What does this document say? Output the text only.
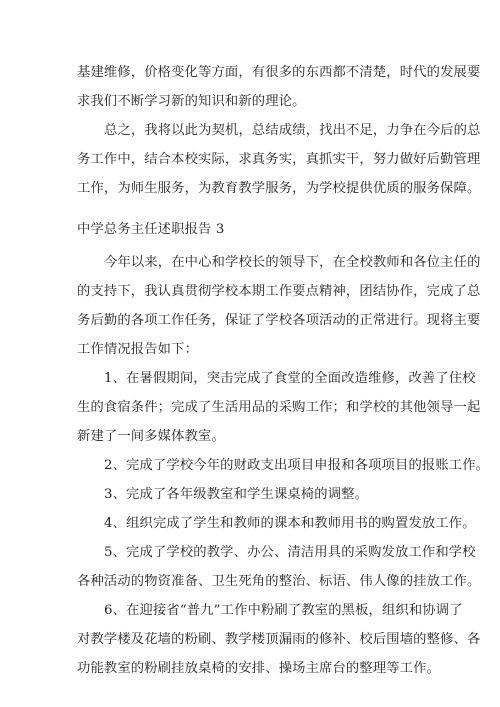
基建维修，价格变化等方面，有很多的东西都不清楚，时代的发展要
求我们不断学习新的知识和新的理论。
总之，我将以此为契机，总结成绩，找出不足，力争在今后的总
务工作中，结合本校实际，求真务实，真抓实干，努力做好后勤管理
工作，为师生服务，为教育教学服务，为学校提供优质的服务保障。
中学总务主任述职报告 3
今年以来，在中心和学校长的领导下，在全校教师和各位主任的
的支持下，我认真贯彻学校本期工作要点精神，团结协作，完成了总
务后勤的各项工作任务，保证了学校各项活动的正常进行。现将主要
工作情况报告如下：
1、在暑假期间，突击完成了食堂的全面改造维修，改善了住校
生的食宿条件；完成了生活用品的采购工作；和学校的其他领导一起
新建了一间多媒体教室。
2、完成了学校今年的财政支出项目申报和各项项目的报账工作。
3、完成了各年级教室和学生课桌椅的调整。
4、组织完成了学生和教师的课本和教师用书的购置发放工作。
5、完成了学校的教学、办公、清洁用具的采购发放工作和学校
各种活动的物资准备、卫生死角的整治、标语、伟人像的挂放工作。
6、在迎接省“普九”工作中粉刷了教室的黑板，组织和协调了
对教学楼及花墙的粉刷、教学楼顶漏雨的修补、校后围墙的整修、各
功能教室的粉刷挂放桌椅的安排、操场主席台的整理等工作。
